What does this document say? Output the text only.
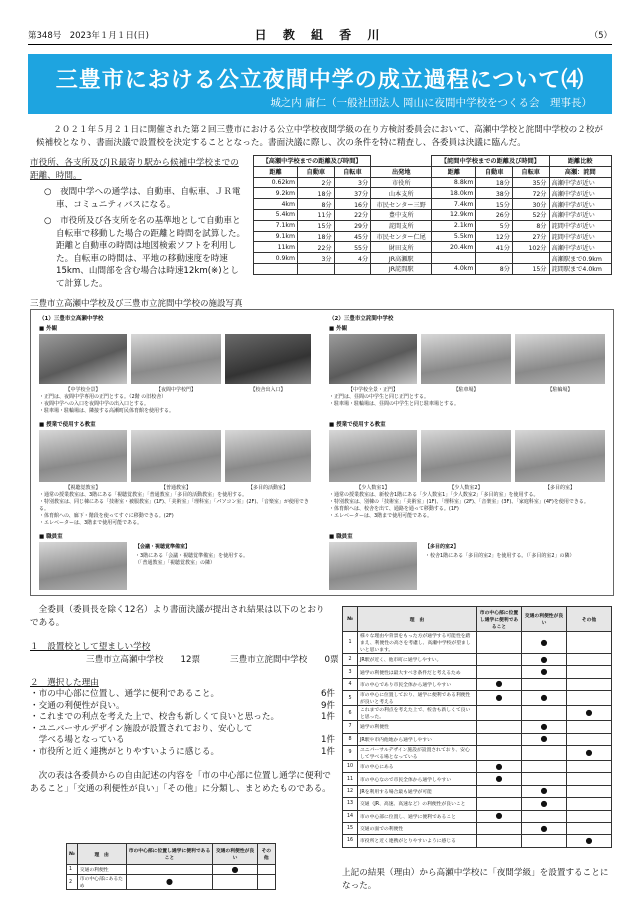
第348号　2023年１月１日(日)	日 教 組 香 川	（5）
三豊市における公立夜間中学の成立過程について⑷
城之内 庸仁（一般社団法人 岡山に夜間中学校をつくる会　理事長）
２０２１年５月２１日に開催された第２回三豊市における公立中学校夜間学級の在り方検討委員会において、高瀬中学校と詫間中学校の２校が候補校となり、書面決議で設置校を決定することとなった。書面決議に際し、次の条件を特に精査し、各委員は決議に臨んだ。

市役所、各支所及びJＲ最寄り駅から候補中学校までの距離、時間。

○　夜間中学への通学は、自動車、自転車、ＪＲ電車、コミュニティバスになる。

○　市役所及び各支所を名の基準地として自動車と自転車で移動した場合の距離と時間を試算した。距離と自動車の時間は地図検索ソフトを利用した。自転車の時間は、平地の移動速度を時速15km、山間部を含む場合は時速12km(※)として計算した。

【高瀬中学校までの距離及び時間】				【詫間中学校までの距離及び時間】			距離比較
距離	自動車	自転車	出発地	距離	自動車	自転車	高瀬：詫間
0.62km	2分	3分	市役所	8.8km	18分	35分	高瀬中学が近い
9.2km	18分	37分	山本支所	18.0km	38分	72分	高瀬中学が近い
4km	8分	16分	市民センター三野	7.4km	15分	30分	高瀬中学が近い
5.4km	11分	22分	豊中支所	12.9km	26分	52分	高瀬中学が近い
7.1km	15分	29分	詫間支所	2.1km	5分	8分	詫間中学が近い
9.1km	18分	45分	市民センター仁尾	5.5km	12分	27分	詫間中学が近い
11km	22分	55分	財田支所	20.4km	41分	102分	高瀬中学が近い
0.9km	3分	4分	JR高瀬駅				高瀬駅まで0.9km
			JR詫間駅	4.0km	8分	15分	詫間駅まで4.0km
三豊市立高瀬中学校及び三豊市立詫間中学校の施設写真
（1）三豊市立高瀬中学校
■ 外観
【中学校全景】	【夜間中学校門】	【校舎出入口】
・正門は、夜間中学専用の正門とする。（2階 の旧校舎）
・夜間中学への入口を夜間中学の出入口とする。
・駐車場・駐輪場は、隣接する高瀬町民体育館を使用する。
■ 授業で使用する教室
【視聴覚教室】	【普通教室】	【多目的活動室】
・通常の授業教室は、3階にある「視聴覚教室」「普通教室」「多目的活動教室」を使用する。
・特別教室は、同じ棟にある「技術室・被服教室」(1F)、「美術室」「理科室」「パソコン室」(2F)、「音楽室」が使用できる。
・体育館への、廊下・階段を使ってすぐに移動できる。(2F)
・エレベーターは、3階まで使用可能である。
■ 職員室
【会議・視聴覚準備室】
・3階にある「会議・視聴覚準備室」を使用する。
（「普通教室」「視聴覚教室」の隣）
（2）三豊市立詫間中学校
■ 外観
【中学校全景・正門】	【駐車場】	【駐輪場】
・正門は、昼間の中学生と同じ正門とする。
・駐車場・駐輪場は、昼間の中学生と同じ駐車場とする。
■ 授業で使用する教室
【少人数室1】	【少人数室2】	【多目的室】
・通常の授業教室は、新校舎1階にある「少人数室1」「少人数室2」「多目的室」を使用する。
・特別教室は、別棟の「技術室」「美術室」(1F)、「理科室」(2F)、「音楽室」(3F)、「家庭科室」(4F)を使用できる。
・体育館へは、校舎を出て、通路を通って移動する。(1F)
・エレベーターは、3階まで使用可能である。
■ 職員室
【多目的室2】
・校舎1階にある「多目的室2」を使用する。（「多目的室2」の隣）
全委員（委員長を除く12名）より書面決議が提出され結果は以下のとおりである。
１　設置校として望ましい学校
三豊市立高瀬中学校　　12票	三豊市立詫間中学校　　0票
２　選択した理由
・市の中心部に位置し、通学に便利であること。	6件
・交通の利便性が良い。	9件
・これまでの利点を考えた上で、校舎も新しくて良いと思った。	1件
・ユニバーサルデザイン施設が設置されており、安心して
　学べる場となっている	1件
・市役所と近く連携がとりやすいように感じる。	1件
次の表は各委員からの自由記述の内容を「市の中心部に位置し通学に便利であること」「交通の利便性が良い」「その他」に分類し、まとめたものである。
№	理　由	市の中心部に位置し通学に便利であること	交通の利便性が良い	その他
1	交通の利便性		●	
2	市の中心部にあるため	●		
№	理　由	市の中心部に位置し通学に便利であること	交通の利便性が良い	その他
1	様々な理由や背景をもった方が通学する可能性を踏まえ、利便性の高さを考慮し、高瀬中学校が望ましいと思います。		●	
2	JR駅が近く、他市町に通学しやすい。		●	
3	通学の利便性は最大すべき条件だと考えるため		●	
4	市の中心であり市民全体から通学しやすい	●		
5	市の中心に位置しており、通学に便利である利便性が良いと考える	●	●	
6	これまでの利点を考えた上で、校舎も新しくて良いと思った。			●
7	通学の利便性		●	
8	JR駅や市内他地から通学しやすい		●	
9	ユニバーサルデザイン施設が設置されており、安心して学べる場となっている			●
10	市の中心にある	●		
11	市の中心なので市民全体から通学しやすい	●		
12	JRを利用する場合最も通学が可能		●	
13	交通（JR、高速、高速など）の利便性が良いこと		●	
14	市の中心部に位置し、通学に便利であること	●		
15	交通の面での利便性		●	
16	市役所と近く連携がとりやすいように感じる			●
上記の結果（理由）から高瀬中学校に「夜間学級」を設置することになった。
